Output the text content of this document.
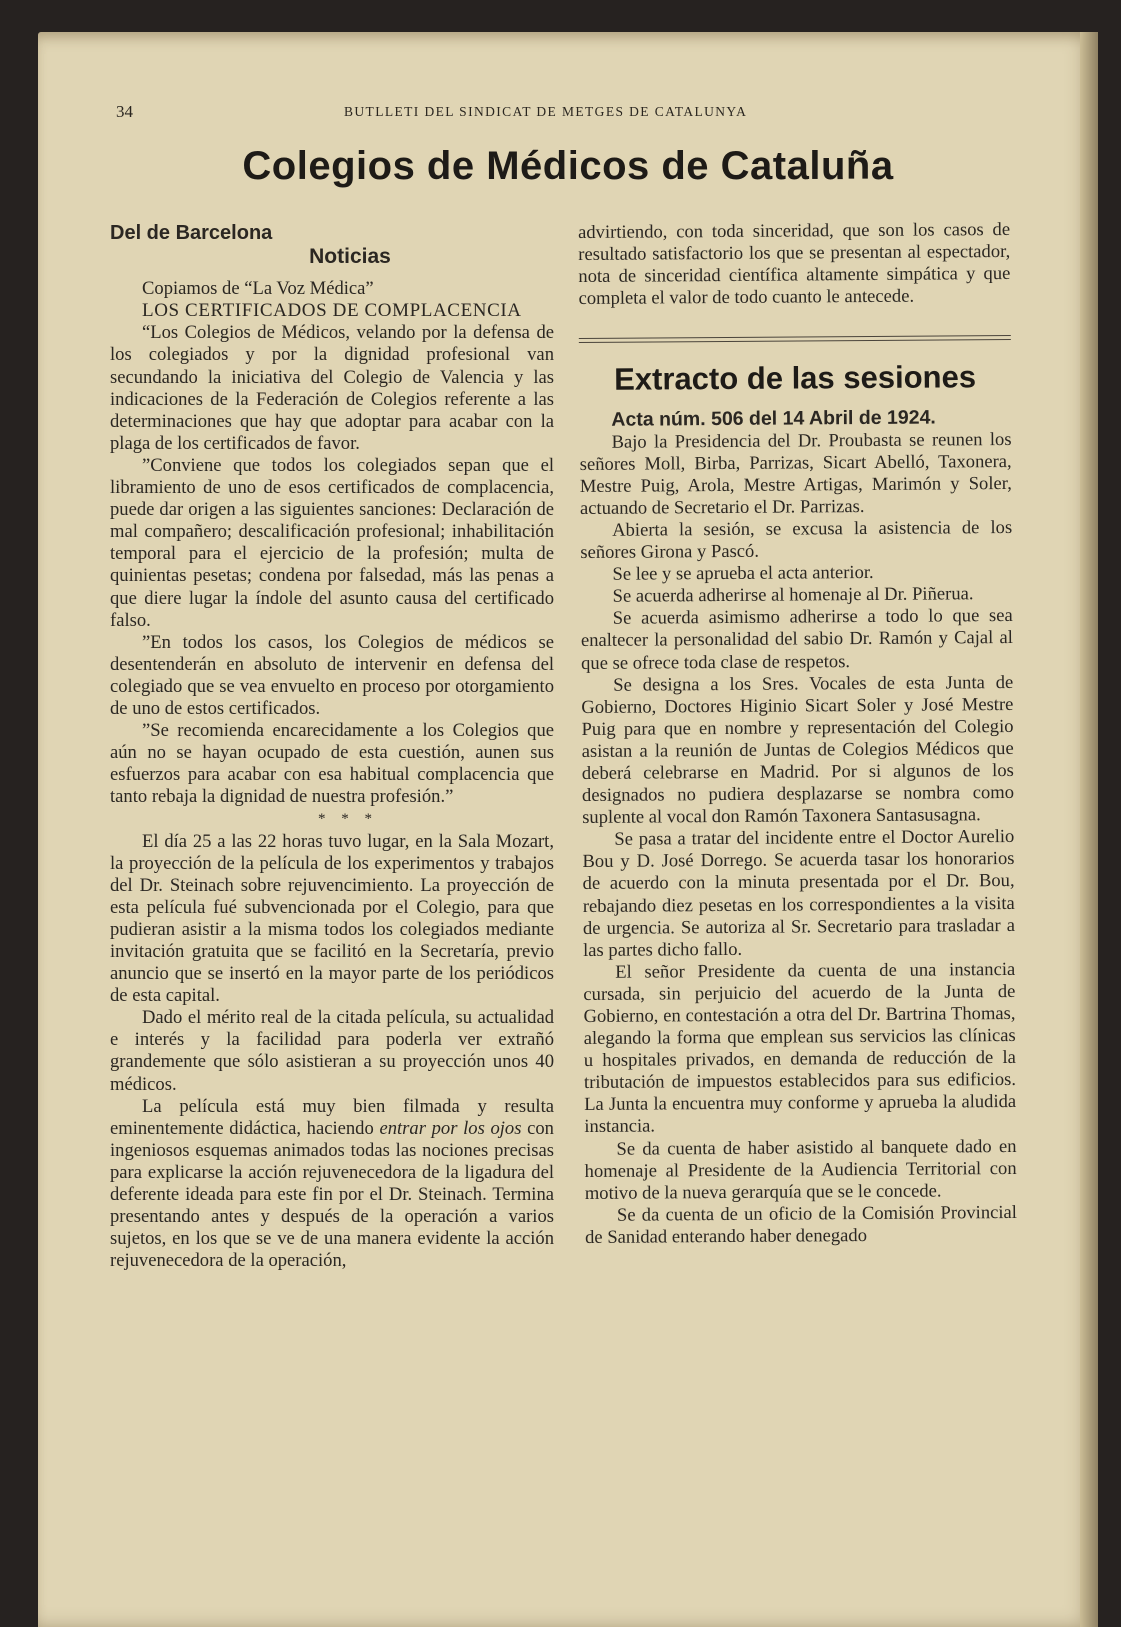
34	BUTLLETI DEL SINDICAT DE METGES DE CATALUNYA
Colegios de Médicos de Cataluña
Del de Barcelona
Noticias

Copiamos de “La Voz Médica”

LOS CERTIFICADOS DE COMPLACENCIA

“Los Colegios de Médicos, velando por la defensa de los colegiados y por la dignidad profesional van secundando la iniciativa del Colegio de Valencia y las indicaciones de la Federación de Colegios referente a las determinaciones que hay que adoptar para acabar con la plaga de los certificados de favor.

”Conviene que todos los colegiados sepan que el libramiento de uno de esos certificados de complacencia, puede dar origen a las siguientes sanciones: Declaración de mal compañero; descalificación profesional; inhabilitación temporal para el ejercicio de la profesión; multa de quinientas pesetas; condena por falsedad, más las penas a que diere lugar la índole del asunto causa del certificado falso.

”En todos los casos, los Colegios de médicos se desentenderán en absoluto de intervenir en defensa del colegiado que se vea envuelto en proceso por otorgamiento de uno de estos certificados.

”Se recomienda encarecidamente a los Colegios que aún no se hayan ocupado de esta cuestión, aunen sus esfuerzos para acabar con esa habitual complacencia que tanto rebaja la dignidad de nuestra profesión.”

* * *

El día 25 a las 22 horas tuvo lugar, en la Sala Mozart, la proyección de la película de los experimentos y trabajos del Dr. Steinach sobre rejuvencimiento. La proyección de esta película fué subvencionada por el Colegio, para que pudieran asistir a la misma todos los colegiados mediante invitación gratuita que se facilitó en la Secretaría, previo anuncio que se insertó en la mayor parte de los periódicos de esta capital.

Dado el mérito real de la citada película, su actualidad e interés y la facilidad para poderla ver extrañó grandemente que sólo asistieran a su proyección unos 40 médicos.

La película está muy bien filmada y resulta eminentemente didáctica, haciendo entrar por los ojos con ingeniosos esquemas animados todas las nociones precisas para explicarse la acción rejuvenecedora de la ligadura del deferente ideada para este fin por el Dr. Steinach. Termina presentando antes y después de la operación a varios sujetos, en los que se ve de una manera evidente la acción rejuvenecedora de la operación,

advirtiendo, con toda sinceridad, que son los casos de resultado satisfactorio los que se presentan al espectador, nota de sinceridad científica altamente simpática y que completa el valor de todo cuanto le antecede.

Extracto de las sesiones

Acta núm. 506 del 14 Abril de 1924.

Bajo la Presidencia del Dr. Proubasta se reunen los señores Moll, Birba, Parrizas, Sicart Abelló, Taxonera, Mestre Puig, Arola, Mestre Artigas, Marimón y Soler, actuando de Secretario el Dr. Parrizas.

Abierta la sesión, se excusa la asistencia de los señores Girona y Pascó.

Se lee y se aprueba el acta anterior.

Se acuerda adherirse al homenaje al Dr. Piñerua.

Se acuerda asimismo adherirse a todo lo que sea enaltecer la personalidad del sabio Dr. Ramón y Cajal al que se ofrece toda clase de respetos.

Se designa a los Sres. Vocales de esta Junta de Gobierno, Doctores Higinio Sicart Soler y José Mestre Puig para que en nombre y representación del Colegio asistan a la reunión de Juntas de Colegios Médicos que deberá celebrarse en Madrid. Por si algunos de los designados no pudiera desplazarse se nombra como suplente al vocal don Ramón Taxonera Santasusagna.

Se pasa a tratar del incidente entre el Doctor Aurelio Bou y D. José Dorrego. Se acuerda tasar los honorarios de acuerdo con la minuta presentada por el Dr. Bou, rebajando diez pesetas en los correspondientes a la visita de urgencia. Se autoriza al Sr. Secretario para trasladar a las partes dicho fallo.

El señor Presidente da cuenta de una instancia cursada, sin perjuicio del acuerdo de la Junta de Gobierno, en contestación a otra del Dr. Bartrina Thomas, alegando la forma que emplean sus servicios las clínicas u hospitales privados, en demanda de reducción de la tributación de impuestos establecidos para sus edificios. La Junta la encuentra muy conforme y aprueba la aludida instancia.

Se da cuenta de haber asistido al banquete dado en homenaje al Presidente de la Audiencia Territorial con motivo de la nueva gerarquía que se le concede.

Se da cuenta de un oficio de la Comisión Provincial de Sanidad enterando haber denegado
